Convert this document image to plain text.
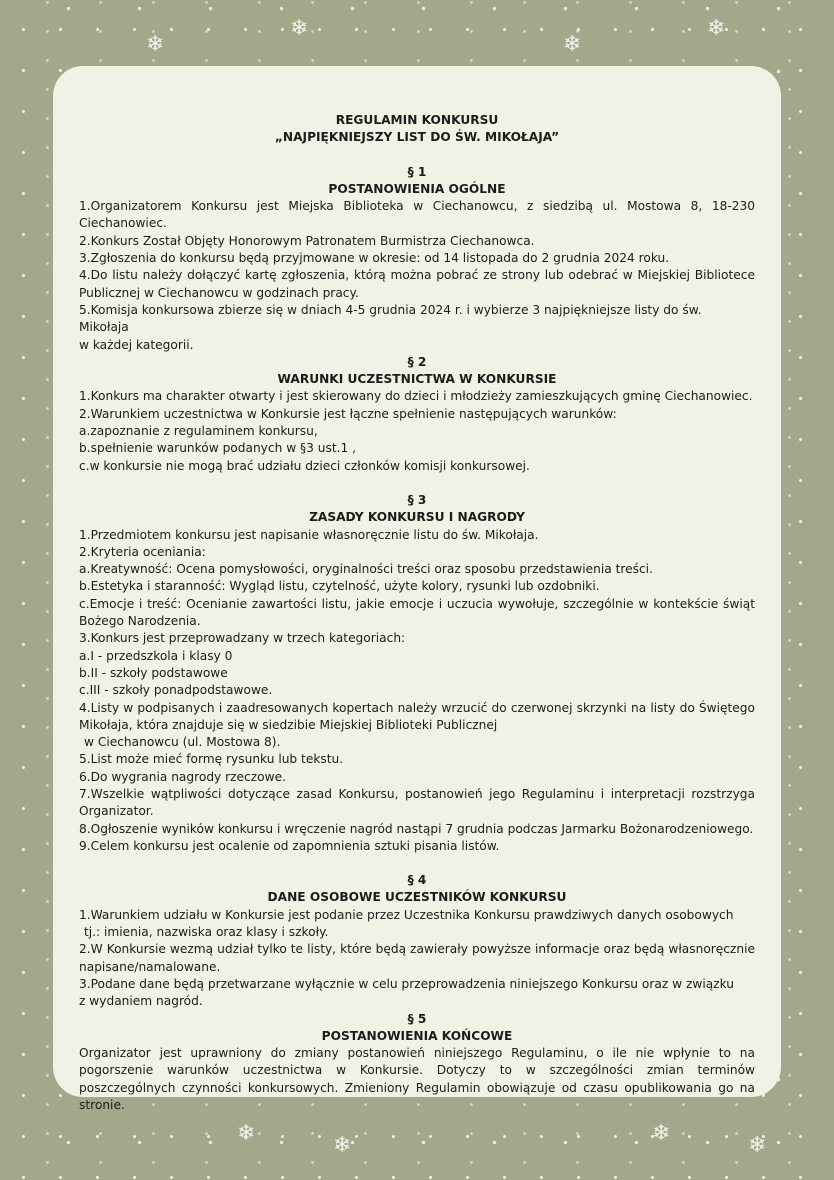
❄
❄
❄
❄
❄	❄	❄	❄

REGULAMIN KONKURSU

„NAJPIĘKNIEJSZY LIST DO ŚW. MIKOŁAJA”

§ 1

POSTANOWIENIA OGÓLNE

1.Organizatorem Konkursu jest Miejska Biblioteka w Ciechanowcu, z siedzibą ul. Mostowa 8, 18-230 Ciechanowiec.

2.Konkurs Został Objęty Honorowym Patronatem Burmistrza Ciechanowca.

3.Zgłoszenia do konkursu będą przyjmowane w okresie: od 14 listopada do 2 grudnia 2024 roku.

4.Do listu należy dołączyć kartę zgłoszenia, którą można pobrać ze strony lub odebrać w Miejskiej Bibliotece Publicznej w Ciechanowcu w godzinach pracy.

5.Komisja konkursowa zbierze się w dniach 4-5 grudnia 2024 r. i wybierze 3 najpiękniejsze listy do św. Mikołaja

w każdej kategorii.

§ 2

WARUNKI UCZESTNICTWA W KONKURSIE

1.Konkurs ma charakter otwarty i jest skierowany do dzieci i młodzieży zamieszkujących gminę Ciechanowiec.

2.Warunkiem uczestnictwa w Konkursie jest łączne spełnienie następujących warunków:

a.zapoznanie z regulaminem konkursu,

b.spełnienie warunków podanych w §3 ust.1 ,

c.w konkursie nie mogą brać udziału dzieci członków komisji konkursowej.

§ 3

ZASADY KONKURSU I NAGRODY

1.Przedmiotem konkursu jest napisanie własnoręcznie listu do św. Mikołaja.

2.Kryteria oceniania:

a.Kreatywność: Ocena pomysłowości, oryginalności treści oraz sposobu przedstawienia treści.

b.Estetyka i staranność: Wygląd listu, czytelność, użyte kolory, rysunki lub ozdobniki.

c.Emocje i treść: Ocenianie zawartości listu, jakie emocje i uczucia wywołuje, szczególnie w kontekście świąt Bożego Narodzenia.

3.Konkurs jest przeprowadzany w trzech kategoriach:

a.I - przedszkola i klasy 0

b.II - szkoły podstawowe

c.III - szkoły ponadpodstawowe.

4.Listy w podpisanych i zaadresowanych kopertach należy wrzucić do czerwonej skrzynki na listy do Świętego Mikołaja, która znajduje się w siedzibie Miejskiej Biblioteki Publicznej

w Ciechanowcu (ul. Mostowa 8).

5.List może mieć formę rysunku lub tekstu.

6.Do wygrania nagrody rzeczowe.

7.Wszelkie wątpliwości dotyczące zasad Konkursu, postanowień jego Regulaminu i interpretacji rozstrzyga Organizator.

8.Ogłoszenie wyników konkursu i wręczenie nagród nastąpi 7 grudnia podczas Jarmarku Bożonarodzeniowego.

9.Celem konkursu jest ocalenie od zapomnienia sztuki pisania listów.

§ 4

DANE OSOBOWE UCZESTNIKÓW KONKURSU

1.Warunkiem udziału w Konkursie jest podanie przez Uczestnika Konkursu prawdziwych danych osobowych

tj.: imienia, nazwiska oraz klasy i szkoły.

2.W Konkursie wezmą udział tylko te listy, które będą zawierały powyższe informacje oraz będą własnoręcznie napisane/namalowane.

3.Podane dane będą przetwarzane wyłącznie w celu przeprowadzenia niniejszego Konkursu oraz w związku

z wydaniem nagród.

§ 5

POSTANOWIENIA KOŃCOWE

Organizator jest uprawniony do zmiany postanowień niniejszego Regulaminu, o ile nie wpłynie to na pogorszenie warunków uczestnictwa w Konkursie. Dotyczy to w szczególności zmian terminów poszczególnych czynności konkursowych. Zmieniony Regulamin obowiązuje od czasu opublikowania go na stronie.
